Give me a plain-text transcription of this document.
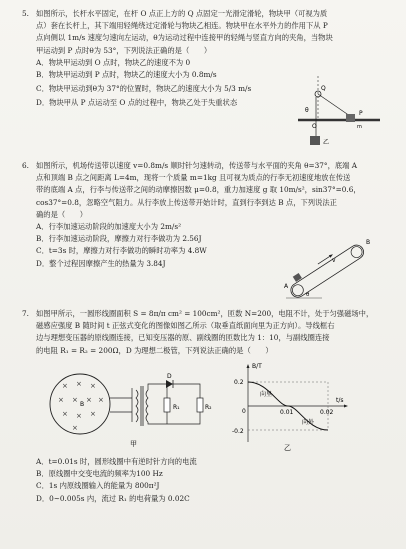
5. 如图所示，长杆水平固定，在杆 O 点正上方的 Q 点固定一光滑定滑轮，物块甲（可视为质

点）套在长杆上，其下端用轻绳绕过定滑轮与物块乙相连。物块甲在水平外力的作用下从 P

点向侧以 1m/s 速度匀速向左运动，θ为运动过程中连接甲的轻绳与竖直方向的夹角，当物块

甲运动到 P 点时θ为 53°，下列说法正确的是（　　）

A．物块甲运动到 O 点时，物块乙的速度不为 0

B．物块甲运动到 P 点时，物块乙的速度大小为 0.8m/s

C．物块甲运动到θ为 37°的位置时，物块乙的速度大小为 5/3 m/s

D．物块甲从 P 点运动至 O 点的过程中，物块乙处于失重状态

Q
P
O
θ
m
乙

6. 如图所示，机场传送带以速度 v=0.8m/s 顺时针匀速转动，传送带与水平面的夹角 θ=37°，底端 A

点和顶端 B 点之间距离 L=4m，现将一个质量 m=1kg 且可视为质点的行李无初速度地放在传送

带的底端 A 点，行李与传送带之间的动摩擦因数 μ=0.8，重力加速度 g 取 10m/s²，sin37°=0.6，

cos37°=0.8，忽略空气阻力。从行李放上传送带开始计时，直到行李到达 B 点，下列说法正

确的是（　　）

A．行李加速运动阶段的加速度大小为 2m/s²

B．行李加速运动阶段，摩擦力对行李做功为 2.56J

C．t=3s 时，摩擦力对行李做功的瞬时功率为 4.8W

D．整个过程因摩擦产生的热量为 3.84J

A
B
v
θ

7. 如图甲所示，一圆形线圈面积 S = 8π/π cm² = 100cm²，匝数 N=200，电阻不计，处于匀强磁场中，

磁感应强度 B 随时间 t 正弦式变化的图像如图乙所示（取垂直纸面向里为正方向）。导线框右

边与理想变压器的原线圈连接，已知变压器的原、副线圈的匝数比为 1：10，与副线圈连接

的电阻 R₁ = R₂ = 200Ω，D 为理想二极管，下列说法正确的是（　　）

× × ×
× × × ×
× × ×
×
B
D
R₁	R₂
甲
B/T
t/s
0.2
-0.2
0	0.01	0.02
向里
向外
乙

A．t=0.01s 时，圆形线圈中有逆时针方向的电流

B．原线圈中交变电流的频率为100 Hz

C．1s 内原线圈输入的能量为 800π²J

D．0~0.005s 内，流过 R₁ 的电荷量为 0.02C
